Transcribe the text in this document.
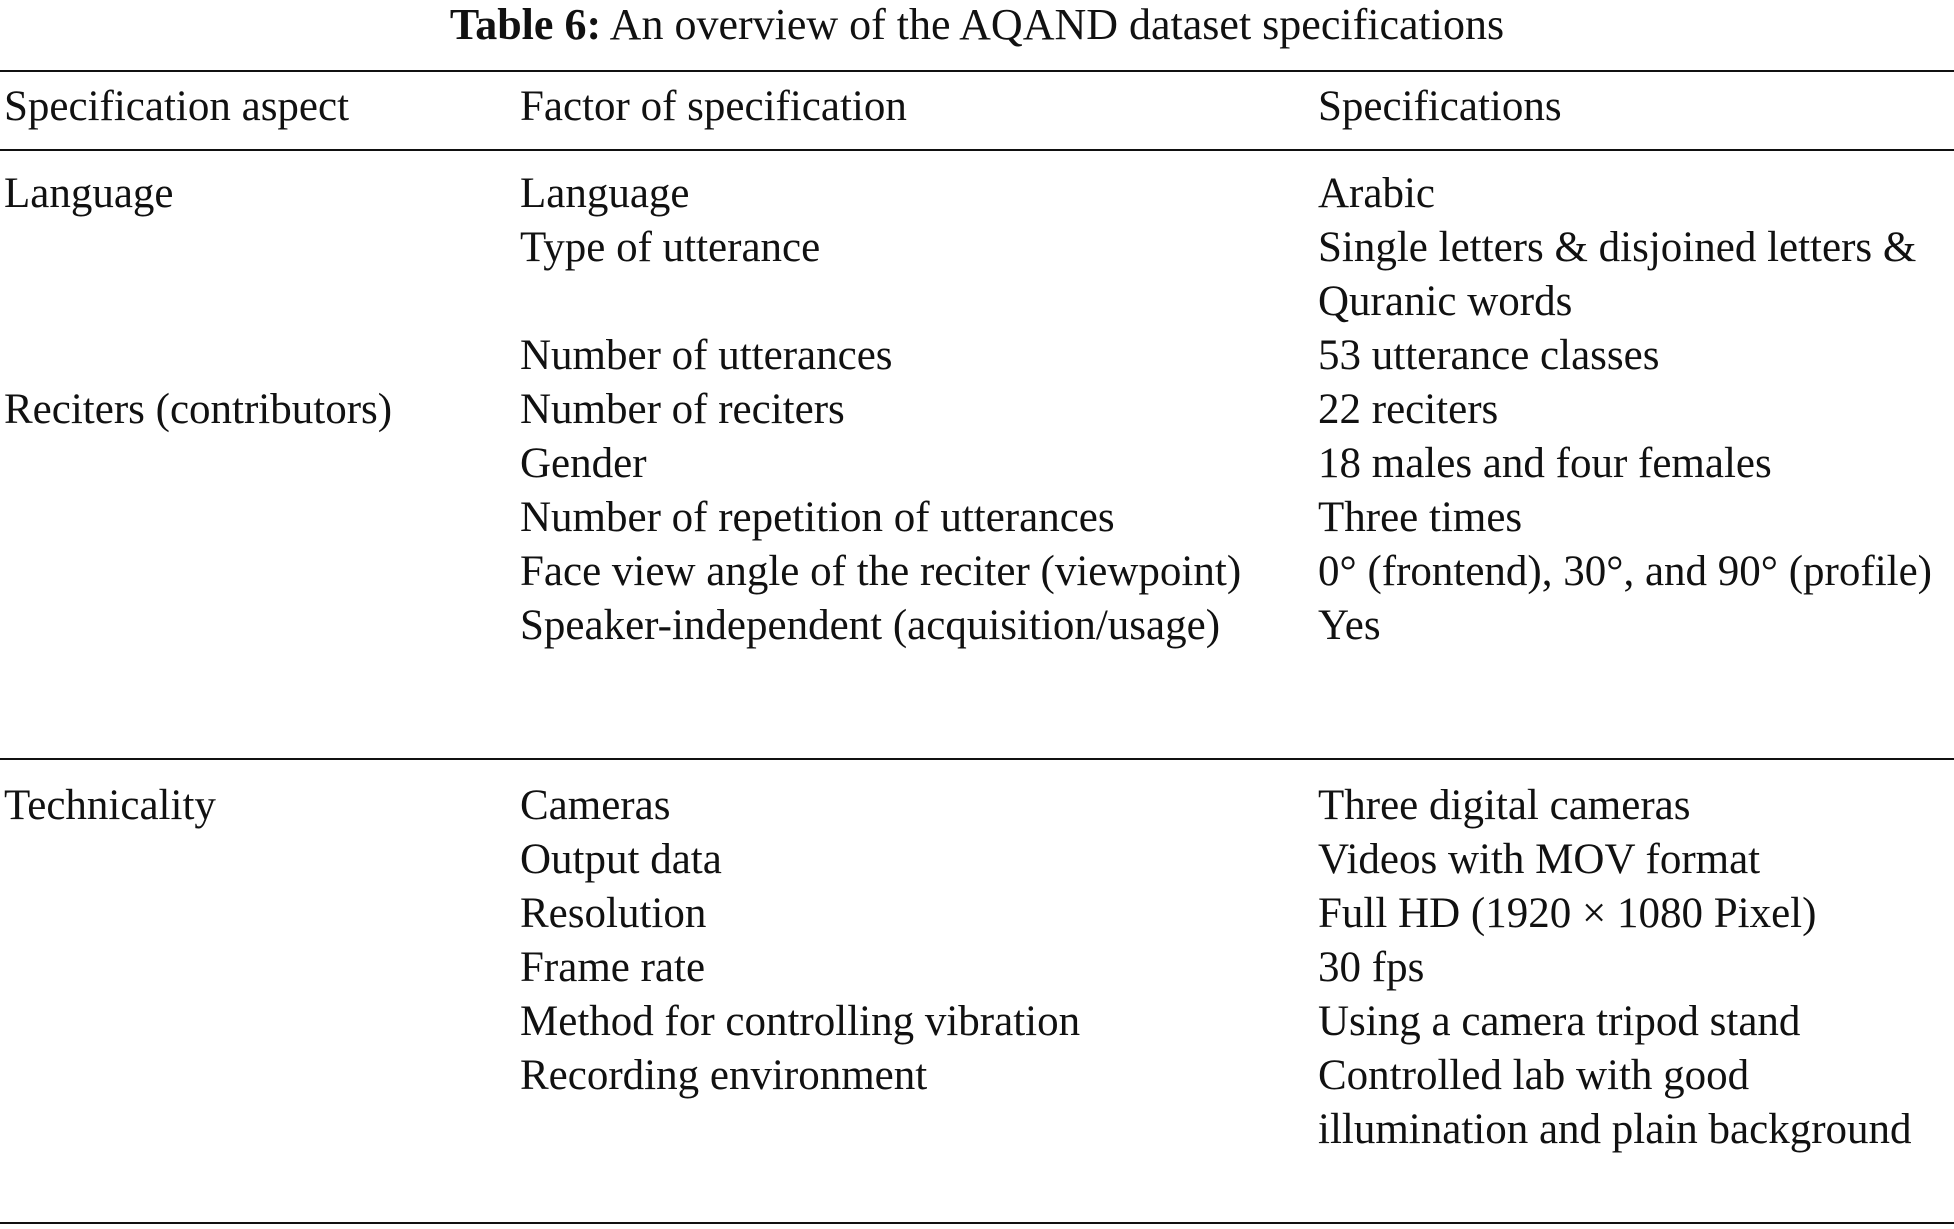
Table 6: An overview of the AQAND dataset specifications
Specification aspect	Factor of specification	Specifications
Language	Language	Arabic
	Type of utterance	Single letters & disjoined letters & Quranic words
	Number of utterances	53 utterance classes
Reciters (contributors)	Number of reciters	22 reciters
	Gender	18 males and four females
	Number of repetition of utterances	Three times
	Face view angle of the reciter (viewpoint)	0° (frontend), 30°, and 90° (profile)
	Speaker-independent (acquisition/usage)	Yes
Technicality	Cameras	Three digital cameras
	Output data	Videos with MOV format
	Resolution	Full HD (1920 × 1080 Pixel)
	Frame rate	30 fps
	Method for controlling vibration	Using a camera tripod stand
	Recording environment	Controlled lab with good illumination and plain background
